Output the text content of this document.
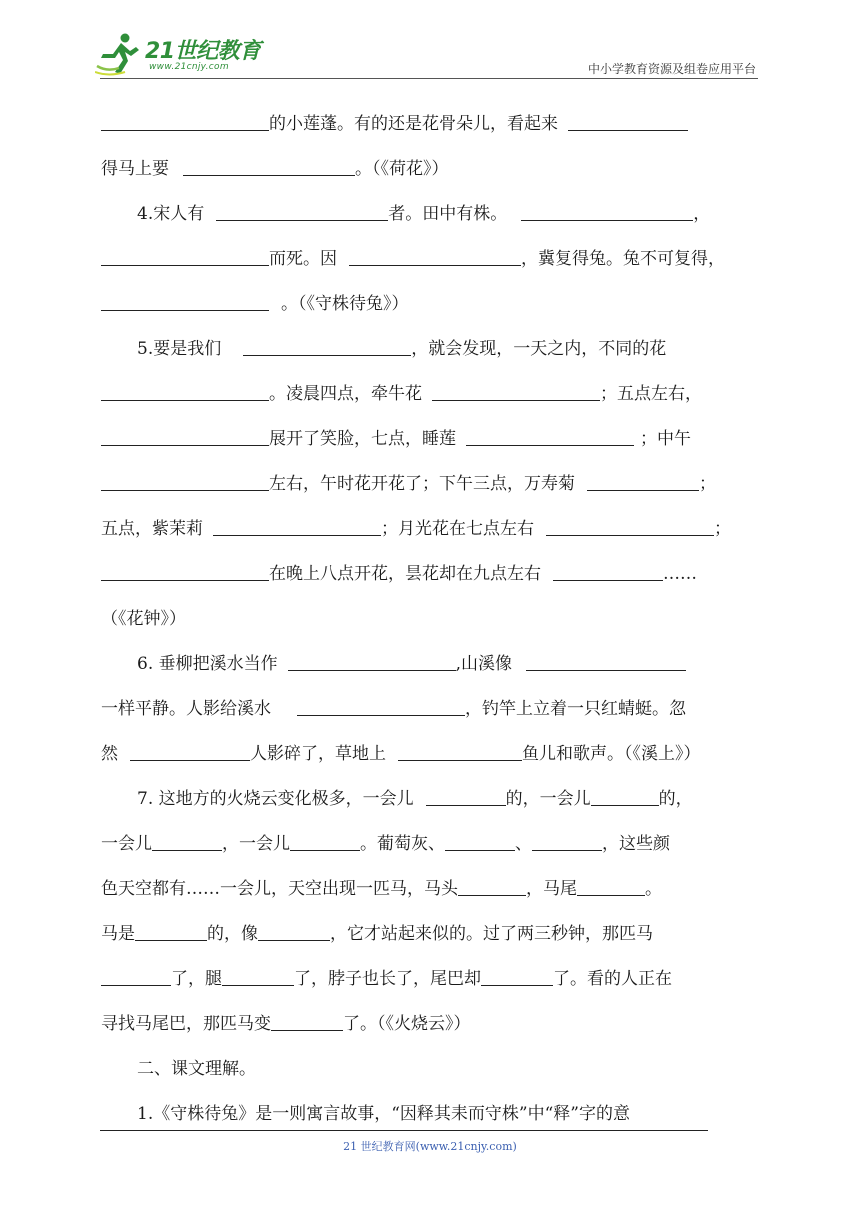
21世纪教育
www.21cnjy.com	中小学教育资源及组卷应用平台
的小莲蓬。有的还是花骨朵儿，看起来
得马上要	。（《荷花》）
4.宋人有	者。田中有株。	，
而死。因	，冀复得兔。兔不可复得，
。（《守株待兔》）
5.要是我们	，就会发现，一天之内，不同的花
。凌晨四点，牵牛花	；五点左右，
展开了笑脸，七点，睡莲	；中午
左右，午时花开花了；下午三点，万寿菊	；
五点，紫茉莉	；月光花在七点左右	；
在晚上八点开花，昙花却在九点左右	……
（《花钟》）
6. 垂柳把溪水当作	,山溪像
一样平静。人影给溪水	，钓竿上立着一只红蜻蜓。忽
然	人影碎了，草地上	鱼儿和歌声。（《溪上》）
7. 这地方的火烧云变化极多，一会儿	的，一会儿	的，
一会儿	，一会儿	。葡萄灰、	、	，这些颜
色天空都有……一会儿，天空出现一匹马，马头	，马尾	。
马是	的，像	，它才站起来似的。过了两三秒钟，那匹马
了，腿	了，脖子也长了，尾巴却	了。看的人正在
寻找马尾巴，那匹马变	了。（《火烧云》）
二、课文理解。
1.《守株待兔》是一则寓言故事，“因释其耒而守株”中“释”字的意
21 世纪教育网(www.21cnjy.com)
